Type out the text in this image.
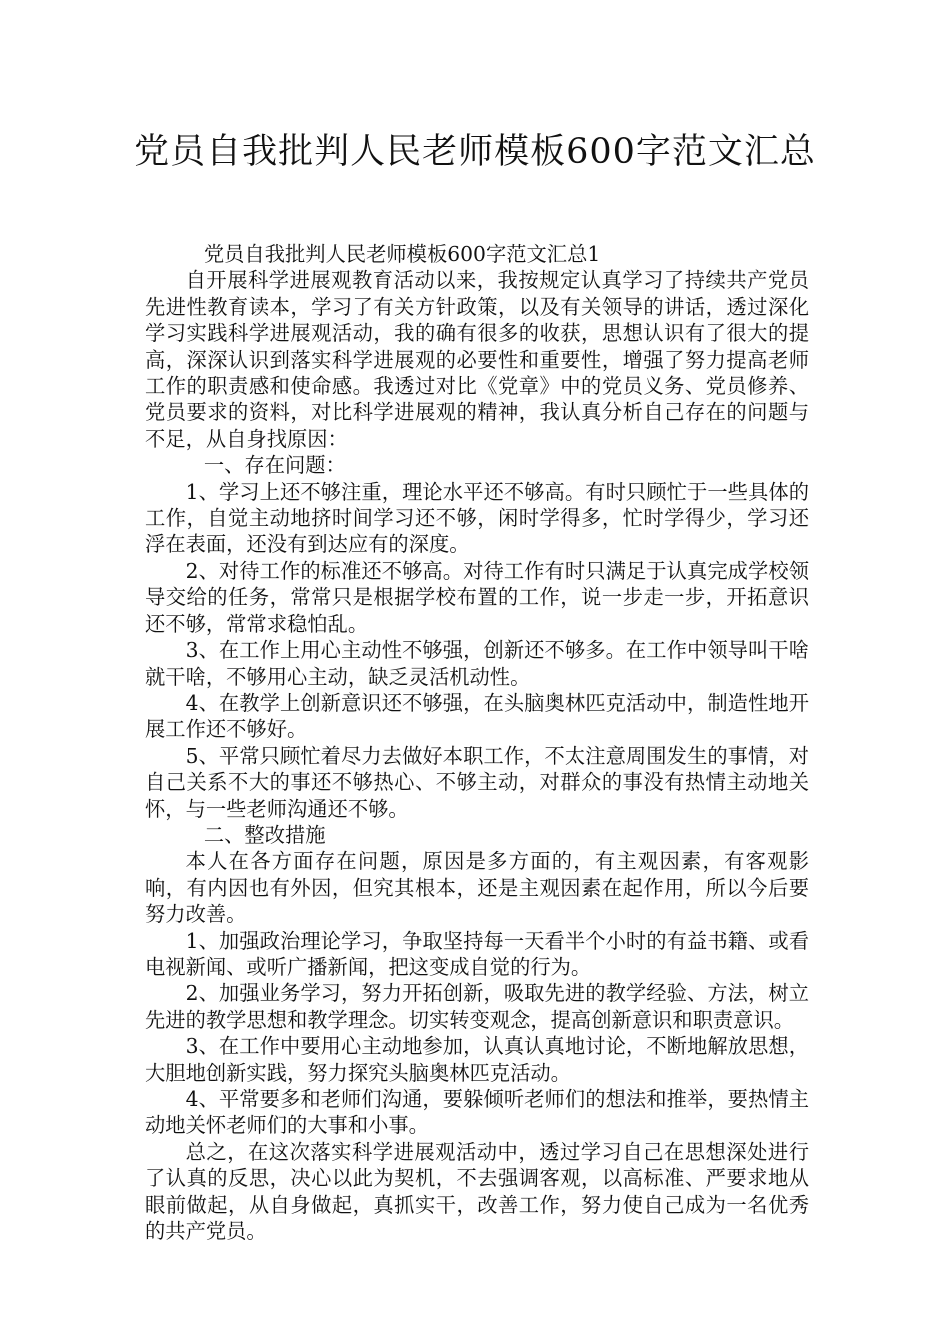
党员自我批判人民老师模板600字范文汇总

党员自我批判人民老师模板600字范文汇总1

自开展科学进展观教育活动以来，我按规定认真学习了持续共产党员先进性教育读本，学习了有关方针政策，以及有关领导的讲话，透过深化学习实践科学进展观活动，我的确有很多的收获，思想认识有了很大的提高，深深认识到落实科学进展观的必要性和重要性，增强了努力提高老师工作的职责感和使命感。我透过对比《党章》中的党员义务、党员修养、党员要求的资料，对比科学进展观的精神，我认真分析自己存在的问题与不足，从自身找原因：

一、存在问题：

1、学习上还不够注重，理论水平还不够高。有时只顾忙于一些具体的工作，自觉主动地挤时间学习还不够，闲时学得多，忙时学得少，学习还浮在表面，还没有到达应有的深度。

2、对待工作的标准还不够高。对待工作有时只满足于认真完成学校领导交给的任务，常常只是根据学校布置的工作，说一步走一步，开拓意识还不够，常常求稳怕乱。

3、在工作上用心主动性不够强，创新还不够多。在工作中领导叫干啥就干啥，不够用心主动，缺乏灵活机动性。

4、在教学上创新意识还不够强，在头脑奥林匹克活动中，制造性地开展工作还不够好。

5、平常只顾忙着尽力去做好本职工作，不太注意周围发生的事情，对自己关系不大的事还不够热心、不够主动，对群众的事没有热情主动地关怀，与一些老师沟通还不够。

二、整改措施

本人在各方面存在问题，原因是多方面的，有主观因素，有客观影响，有内因也有外因，但究其根本，还是主观因素在起作用，所以今后要努力改善。

1、加强政治理论学习，争取坚持每一天看半个小时的有益书籍、或看电视新闻、或听广播新闻，把这变成自觉的行为。

2、加强业务学习，努力开拓创新，吸取先进的教学经验、方法，树立先进的教学思想和教学理念。切实转变观念，提高创新意识和职责意识。

3、在工作中要用心主动地参加，认真认真地讨论，不断地解放思想，大胆地创新实践，努力探究头脑奥林匹克活动。

4、平常要多和老师们沟通，要躲倾听老师们的想法和推举，要热情主动地关怀老师们的大事和小事。

总之，在这次落实科学进展观活动中，透过学习自己在思想深处进行了认真的反思，决心以此为契机，不去强调客观，以高标准、严要求地从眼前做起，从自身做起，真抓实干，改善工作，努力使自己成为一名优秀的共产党员。
